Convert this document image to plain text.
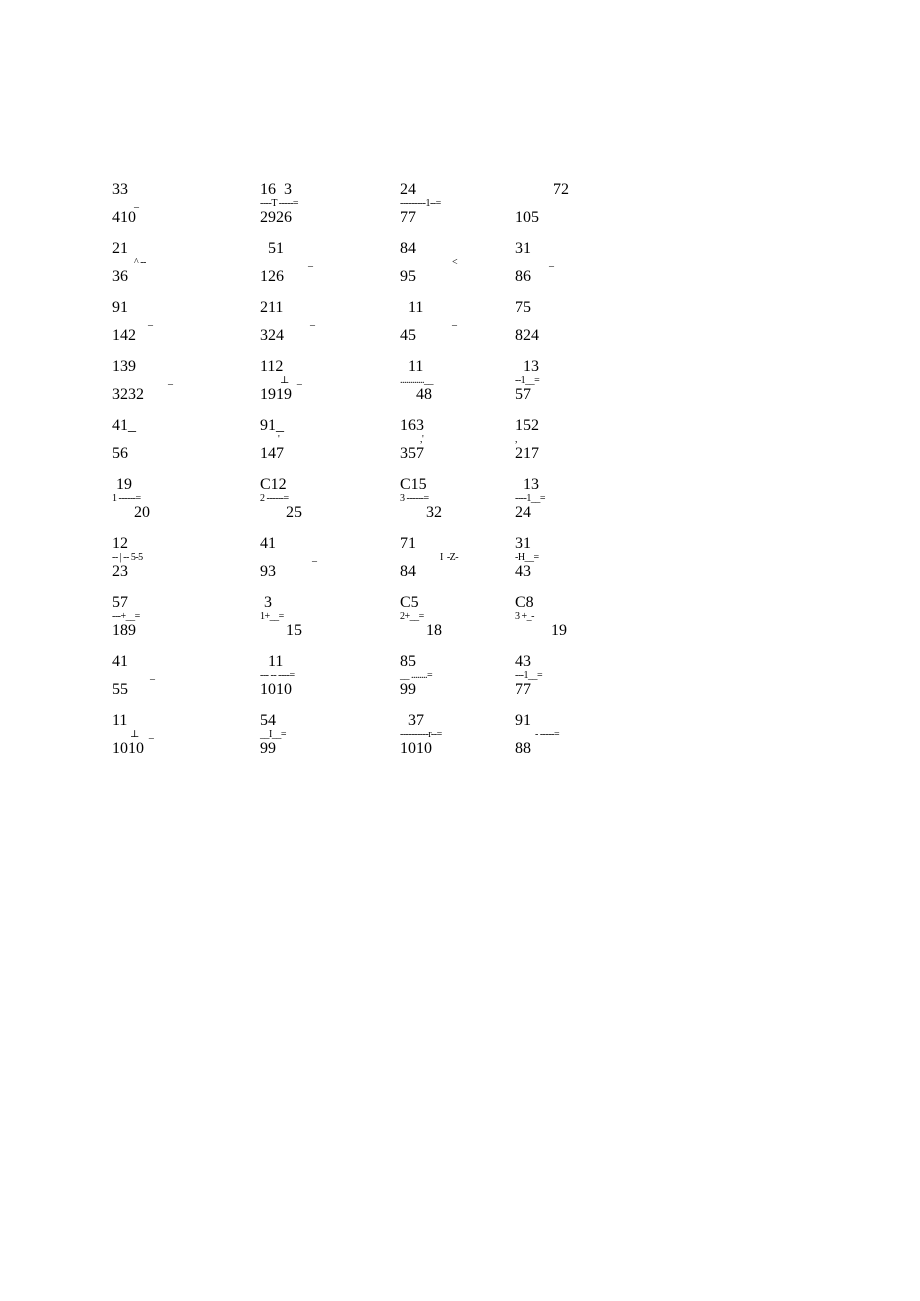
33
_
410
16  3
----T -----=
2926
24
---------1--=
77
72
105
21
^ --
36
51
_
126
84
<
95
31
_
86
91
_
142
211
_
324
11
_
45
75
824
139
_
3232
112
⊥    _
1919
11
............__
48
13
--1__=
57
41_
56
91_
'
147
163
,'
357
152
,
217
19
1 ------=
20
C12
2 ------=
25
C15
3 ------=
32
13
----1__=
24
12
-- | -- 5-5
23
41
_
93
71
I  -Z-
84
31
-H__=
43
57
---+__=
189
3
1+__=
15
C5
2+__=
18
C8
3 +_-
19
41
_
55
11
--- -- ----=
1010
85
__ ........=
99
43
---1__=
77
11
⊥     _
1010
54
__I__=
99
37
----------r--=
1010
91
- -----=
88
